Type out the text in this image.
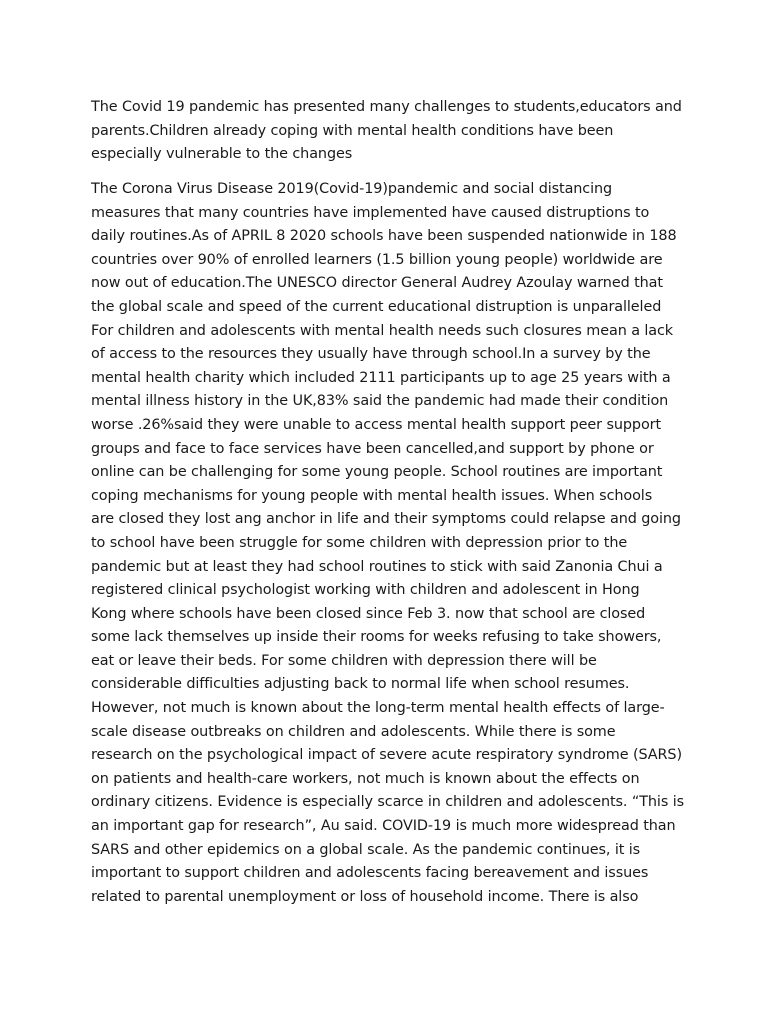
The Covid 19 pandemic has presented many challenges to students,educators and
parents.Children already coping with mental health conditions have been
especially vulnerable to the changes

The Corona Virus Disease 2019(Covid-19)pandemic and social distancing
measures that many countries have implemented have caused distruptions to
daily routines.As of APRIL 8 2020 schools have been suspended nationwide in 188
countries over 90% of enrolled learners (1.5 billion young people) worldwide are
now out of education.The UNESCO director General Audrey Azoulay warned that
the global scale and speed of the current educational distruption is unparalleled
For children and adolescents with mental health needs such closures mean a lack
of access to the resources they usually have through school.In a survey by the
mental health charity which included 2111 participants up to age 25 years with a
mental illness history in the UK,83% said the pandemic had made their condition
worse .26%said they were unable to access mental health support peer support
groups and face to face services have been cancelled,and support by phone or
online can be challenging for some young people. School routines are important
coping mechanisms for young people with mental health issues. When schools
are closed they lost ang anchor in life and their symptoms could relapse and going
to school have been struggle for some children with depression prior to the
pandemic but at least they had school routines to stick with said Zanonia Chui a
registered clinical psychologist working with children and adolescent in Hong
Kong where schools have been closed since Feb 3. now that school are closed
some lack themselves up inside their rooms for weeks refusing to take showers,
eat or leave their beds. For some children with depression there will be
considerable difficulties adjusting back to normal life when school resumes.
However, not much is known about the long-term mental health effects of large-
scale disease outbreaks on children and adolescents. While there is some
research on the psychological impact of severe acute respiratory syndrome (SARS)
on patients and health-care workers, not much is known about the effects on
ordinary citizens. Evidence is especially scarce in children and adolescents. “This is
an important gap for research”, Au said. COVID-19 is much more widespread than
SARS and other epidemics on a global scale. As the pandemic continues, it is
important to support children and adolescents facing bereavement and issues
related to parental unemployment or loss of household income. There is also
